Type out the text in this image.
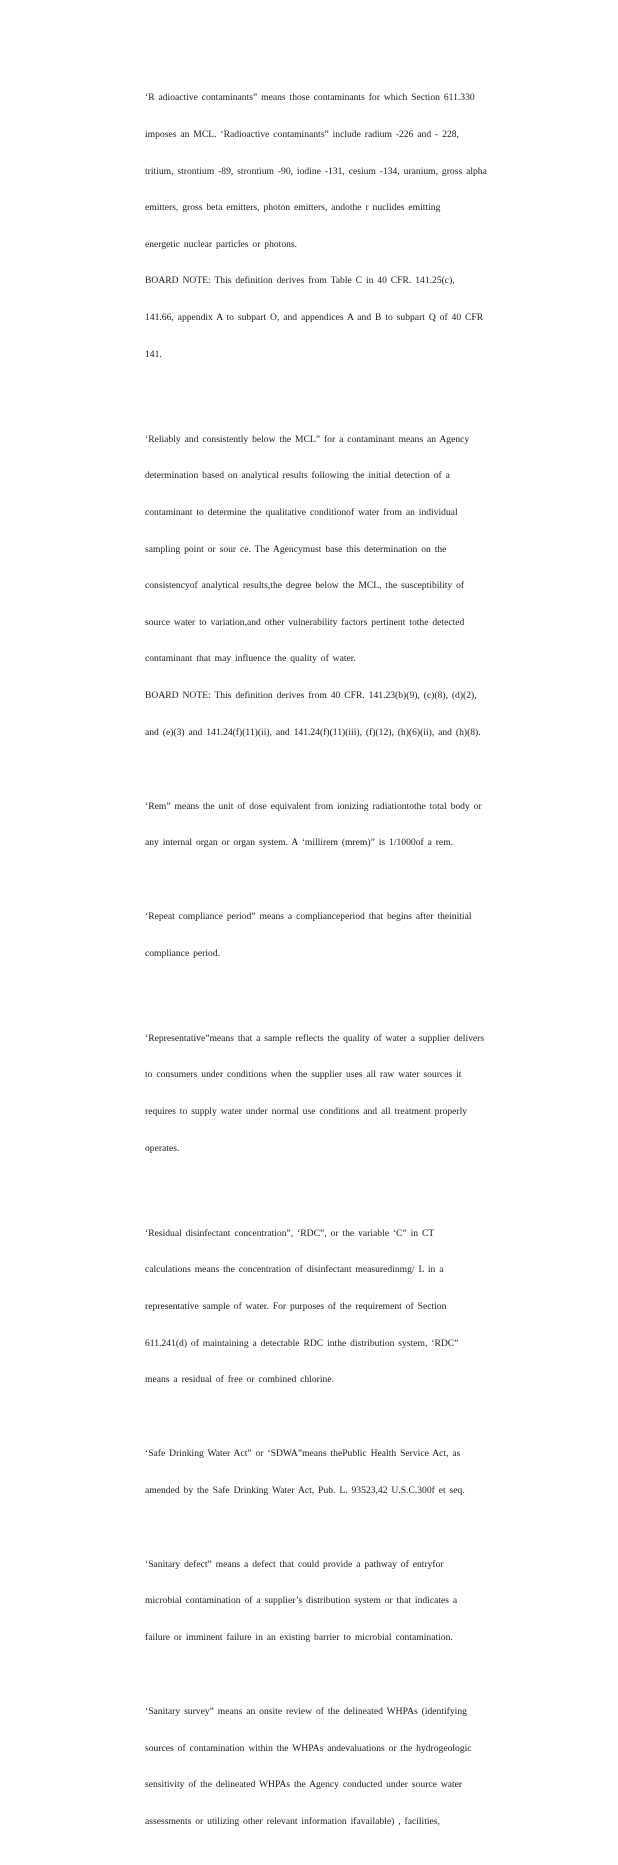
‘R adioactive contaminants” means those contaminants for which Section 611.330

imposes an MCL. ‘Radioactive contaminants” include radium -226 and - 228,

tritium, strontium -89, strontium -90, iodine -131, cesium -134, uranium, gross alpha

emitters, gross beta emitters, photon emitters, andothe r nuclides emitting

energetic nuclear particles or photons.

BOARD NOTE: This definition derives from Table C in 40 CFR. 141.25(c),

141.66, appendix A to subpart O, and appendices A and B to subpart Q of 40 CFR

141.

‘Reliably and consistently below the MCL” for a contaminant means an Agency

determination based on analytical results following the initial detection of a

contaminant to determine the qualitative conditionof water from an individual

sampling point or sour ce. The Agencymust base this determination on the

consistencyof analytical results,the degree below the MCL, the susceptibility of

source water to variation,and other vulnerability factors pertinent tothe detected

contaminant that may influence the quality of water.

BOARD NOTE: This definition derives from 40 CFR. 141.23(b)(9), (c)(8), (d)(2),

and (e)(3) and 141.24(f)(11)(ii), and 141.24(f)(11)(iii), (f)(12), (h)(6)(ii), and (h)(8).

‘Rem” means the unit of dose equivalent from ionizing radiationtothe total body or

any internal organ or organ system. A ‘millirem (mrem)” is 1/1000of a rem.

‘Repeat compliance period” means a complianceperiod that begins after theinitial

compliance period.

‘Representative”means that a sample reflects the quality of water a supplier delivers

to consumers under conditions when the supplier uses all raw water sources it

requires to supply water under normal use conditions and all treatment properly

operates.

‘Residual disinfectant concentration”, ‘RDC”, or the variable ‘C” in CT

calculations means the concentration of disinfectant measuredinmg/ L in a

representative sample of water. For purposes of the requirement of Section

611.241(d) of maintaining a detectable RDC inthe distribution system, ‘RDC”

means a residual of free or combined chlorine.

‘Safe Drinking Water Act” or ‘SDWA”means thePublic Health Service Act, as

amended by the Safe Drinking Water Act, Pub. L. 93523,42 U.S.C.300f et seq.

‘Sanitary defect” means a defect that could provide a pathway of entryfor

microbial contamination of a supplier’s distribution system or that indicates a

failure or imminent failure in an existing barrier to microbial contamination.

‘Sanitary survey” means an onsite review of the delineated WHPAs (identifying

sources of contamination within the WHPAs andevaluations or the hydrogeologic

sensitivity of the delineated WHPAs the Agency conducted under source water

assessments or utilizing other relevant information ifavailable) , facilities,
